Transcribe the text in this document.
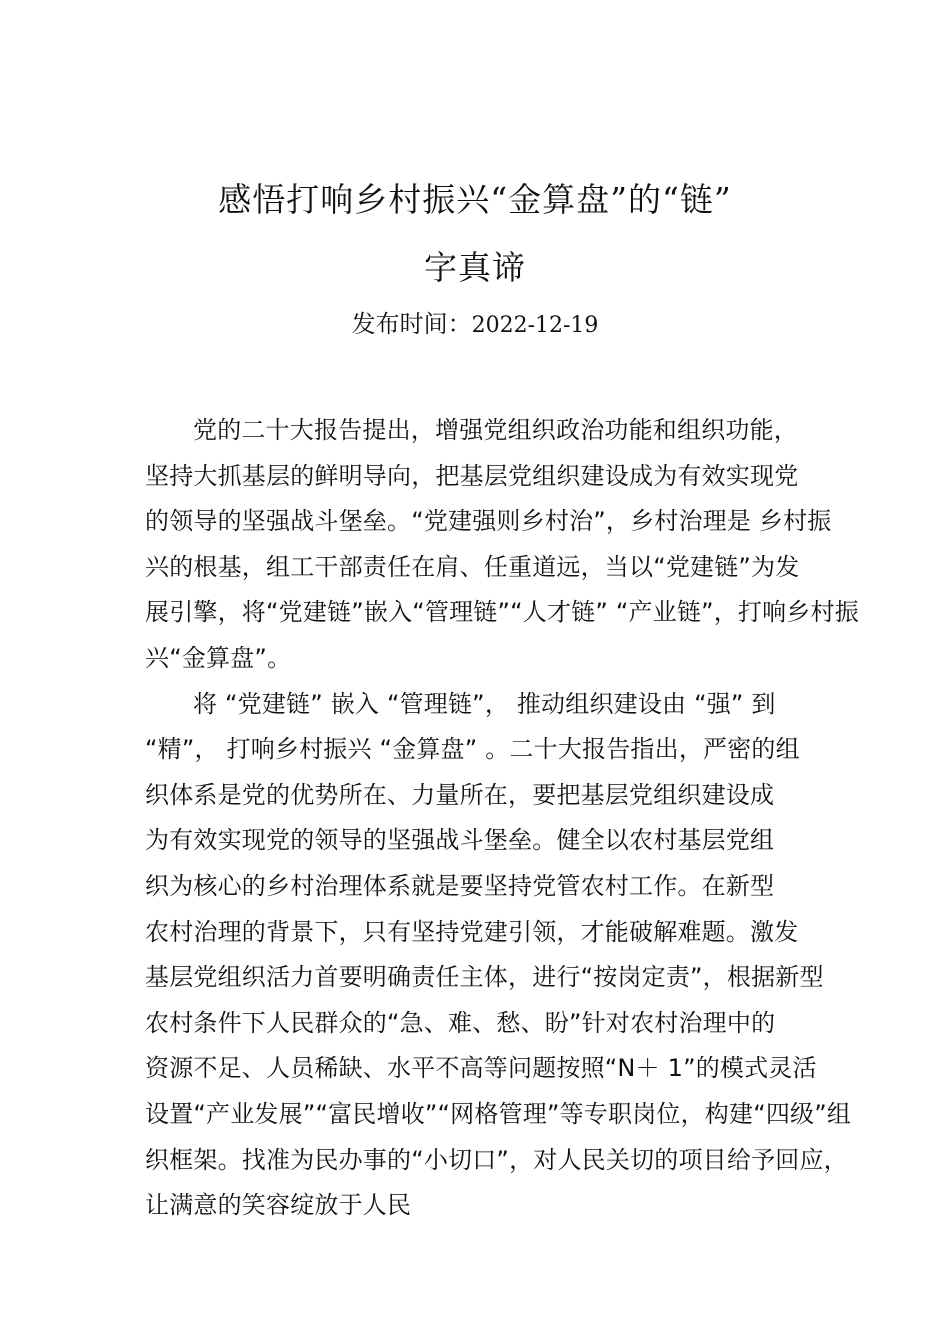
感悟打响乡村振兴“金算盘”的“链”
字真谛
发布时间：2022-12-19
党的二十大报告提出，增强党组织政治功能和组织功能，
坚持大抓基层的鲜明导向，把基层党组织建设成为有效实现党
的领导的坚强战斗堡垒。“党建强则乡村治”，乡村治理是 乡村振
兴的根基，组工干部责任在肩、任重道远，当以“党建链”为发
展引擎，将“党建链”嵌入“管理链”“人才链” “产业链”，打响乡村振
兴“金算盘”。
将 “党建链” 嵌入 “管理链”， 推动组织建设由 “强” 到
“精”， 打响乡村振兴 “金算盘” 。二十大报告指出，严密的组
织体系是党的优势所在、力量所在，要把基层党组织建设成
为有效实现党的领导的坚强战斗堡垒。健全以农村基层党组
织为核心的乡村治理体系就是要坚持党管农村工作。在新型
农村治理的背景下，只有坚持党建引领，才能破解难题。激发
基层党组织活力首要明确责任主体，进行“按岗定责”，根据新型
农村条件下人民群众的“急、难、愁、盼”针对农村治理中的
资源不足、人员稀缺、水平不高等问题按照“N＋ 1”的模式灵活
设置“产业发展”“富民增收”“网格管理”等专职岗位，构建“四级”组
织框架。找准为民办事的“小切口”，对人民关切的项目给予回应，
让满意的笑容绽放于人民
